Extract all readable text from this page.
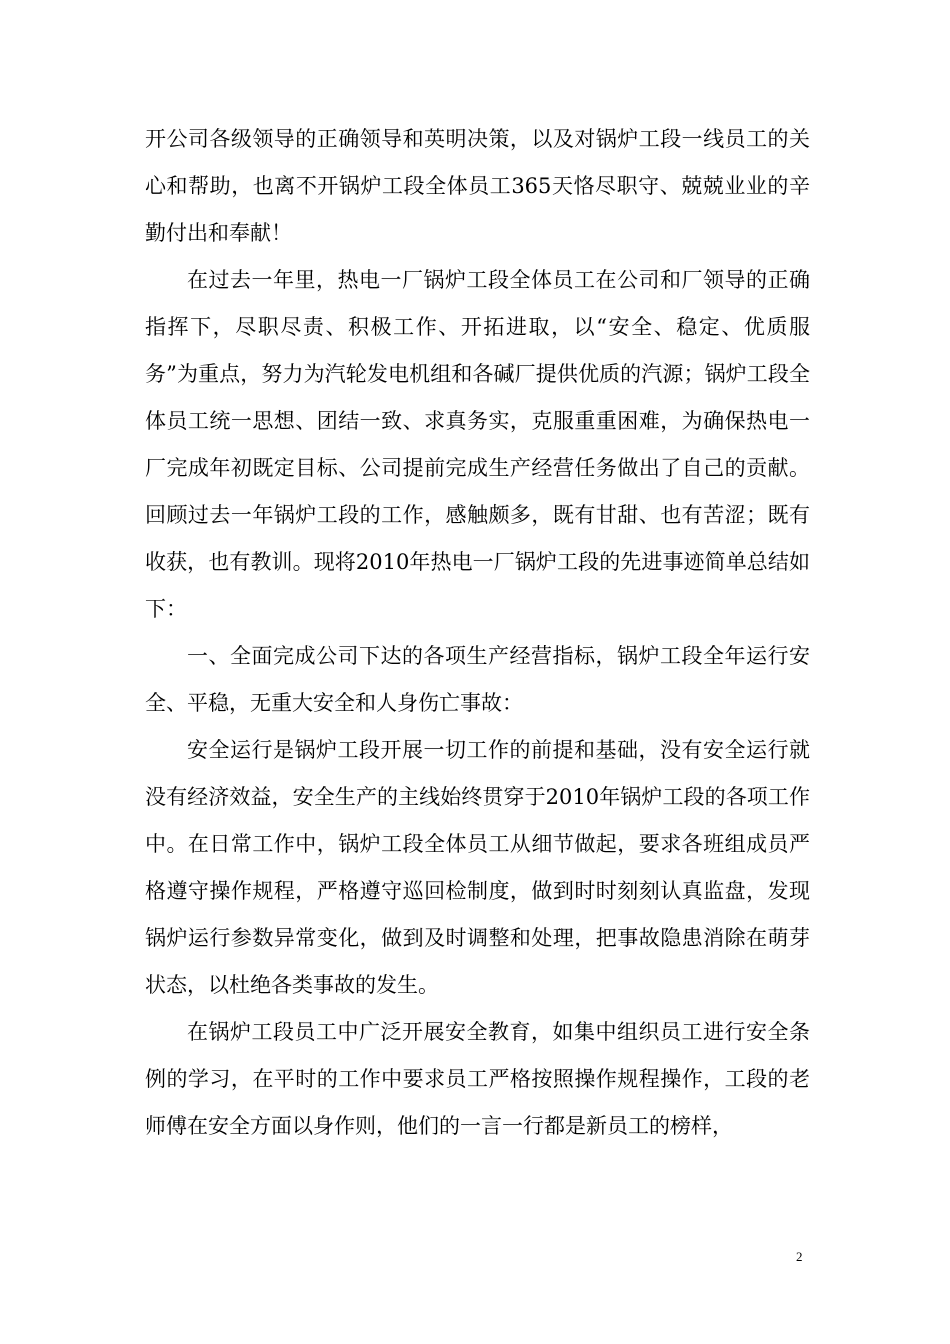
开公司各级领导的正确领导和英明决策，以及对锅炉工段一线员工的关心和帮助，也离不开锅炉工段全体员工365天恪尽职守、兢兢业业的辛勤付出和奉献！

在过去一年里，热电一厂锅炉工段全体员工在公司和厂领导的正确指挥下，尽职尽责、积极工作、开拓进取，以“安全、稳定、优质服务”为重点，努力为汽轮发电机组和各碱厂提供优质的汽源；锅炉工段全体员工统一思想、团结一致、求真务实，克服重重困难，为确保热电一厂完成年初既定目标、公司提前完成生产经营任务做出了自己的贡献。回顾过去一年锅炉工段的工作，感触颇多，既有甘甜、也有苦涩；既有收获，也有教训。现将2010年热电一厂锅炉工段的先进事迹简单总结如下：

一、全面完成公司下达的各项生产经营指标，锅炉工段全年运行安全、平稳，无重大安全和人身伤亡事故：

安全运行是锅炉工段开展一切工作的前提和基础，没有安全运行就没有经济效益，安全生产的主线始终贯穿于2010年锅炉工段的各项工作中。在日常工作中，锅炉工段全体员工从细节做起，要求各班组成员严格遵守操作规程，严格遵守巡回检制度，做到时时刻刻认真监盘，发现锅炉运行参数异常变化，做到及时调整和处理，把事故隐患消除在萌芽状态，以杜绝各类事故的发生。

在锅炉工段员工中广泛开展安全教育，如集中组织员工进行安全条例的学习，在平时的工作中要求员工严格按照操作规程操作，工段的老师傅在安全方面以身作则，他们的一言一行都是新员工的榜样，

2
